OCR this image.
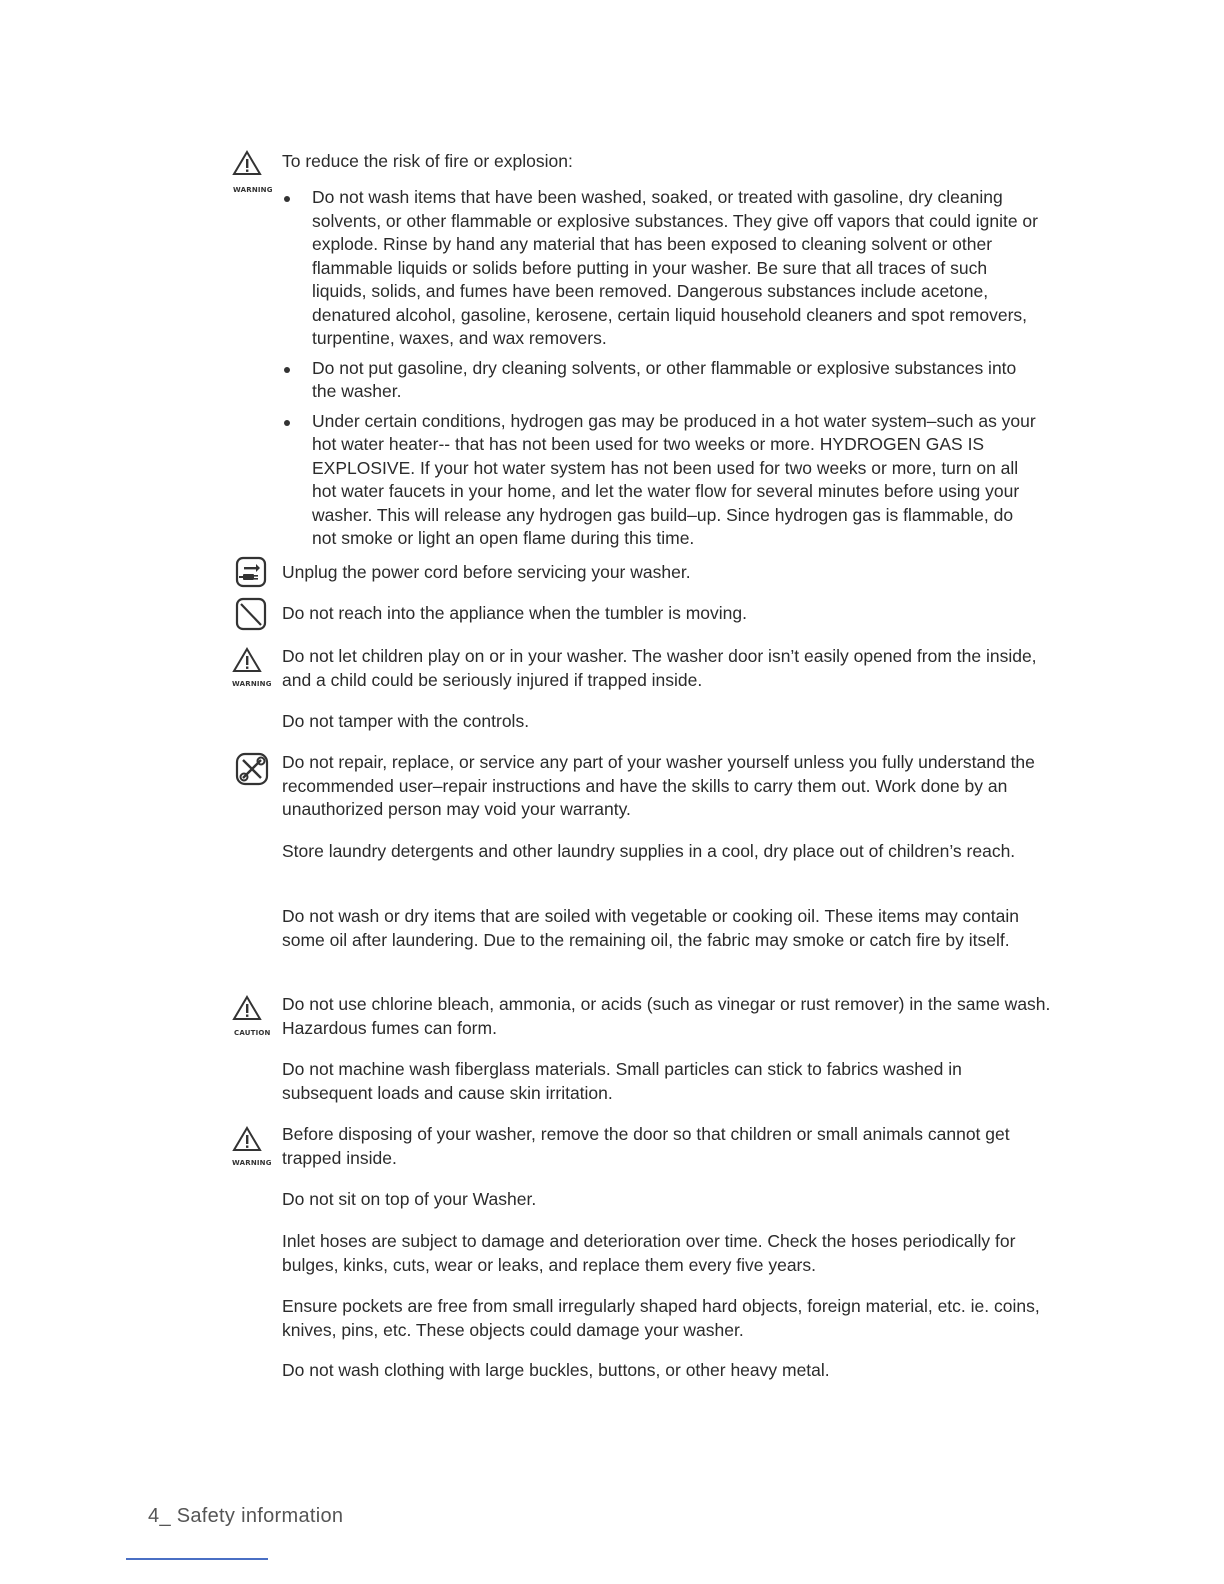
WARNING
To reduce the risk of fire or explosion:
Do not wash items that have been washed, soaked, or treated with gasoline, dry cleaning solvents, or other flammable or explosive substances. They give off vapors that could ignite or explode. Rinse by hand any material that has been exposed to cleaning solvent or other flammable liquids or solids before putting in your washer. Be sure that all traces of such liquids, solids, and fumes have been removed. Dangerous substances include acetone, denatured alcohol, gasoline, kerosene, certain liquid household cleaners and spot removers, turpentine, waxes, and wax removers.
Do not put gasoline, dry cleaning solvents, or other flammable or explosive substances into the washer.
Under certain conditions, hydrogen gas may be produced in a hot water system–such as your hot water heater-- that has not been used for two weeks or more. HYDROGEN GAS IS EXPLOSIVE. If your hot water system has not been used for two weeks or more, turn on all hot water faucets in your home, and let the water flow for several minutes before using your washer. This will release any hydrogen gas build–up. Since hydrogen gas is flammable, do not smoke or light an open flame during this time.
Unplug the power cord before servicing your washer.
Do not reach into the appliance when the tumbler is moving.
WARNING
Do not let children play on or in your washer. The washer door isn’t easily opened from the inside, and a child could be seriously injured if trapped inside.
Do not tamper with the controls.
Do not repair, replace, or service any part of your washer yourself unless you fully understand the recommended user–repair instructions and have the skills to carry them out. Work done by an unauthorized person may void your warranty.
Store laundry detergents and other laundry supplies in a cool, dry place out of children’s reach.
Do not wash or dry items that are soiled with vegetable or cooking oil. These items may contain some oil after laundering. Due to the remaining oil, the fabric may smoke or catch fire by itself.
CAUTION
Do not use chlorine bleach, ammonia, or acids (such as vinegar or rust remover) in the same wash. Hazardous fumes can form.
Do not machine wash fiberglass materials. Small particles can stick to fabrics washed in subsequent loads and cause skin irritation.
WARNING
Before disposing of your washer, remove the door so that children or small animals cannot get trapped inside.
Do not sit on top of your Washer.
Inlet hoses are subject to damage and deterioration over time. Check the hoses periodically for bulges, kinks, cuts, wear or leaks, and replace them every five years.
Ensure pockets are free from small irregularly shaped hard objects, foreign material, etc. ie. coins, knives, pins, etc. These objects could damage your washer.
Do not wash clothing with large buckles, buttons, or other heavy metal.
4_ Safety information
